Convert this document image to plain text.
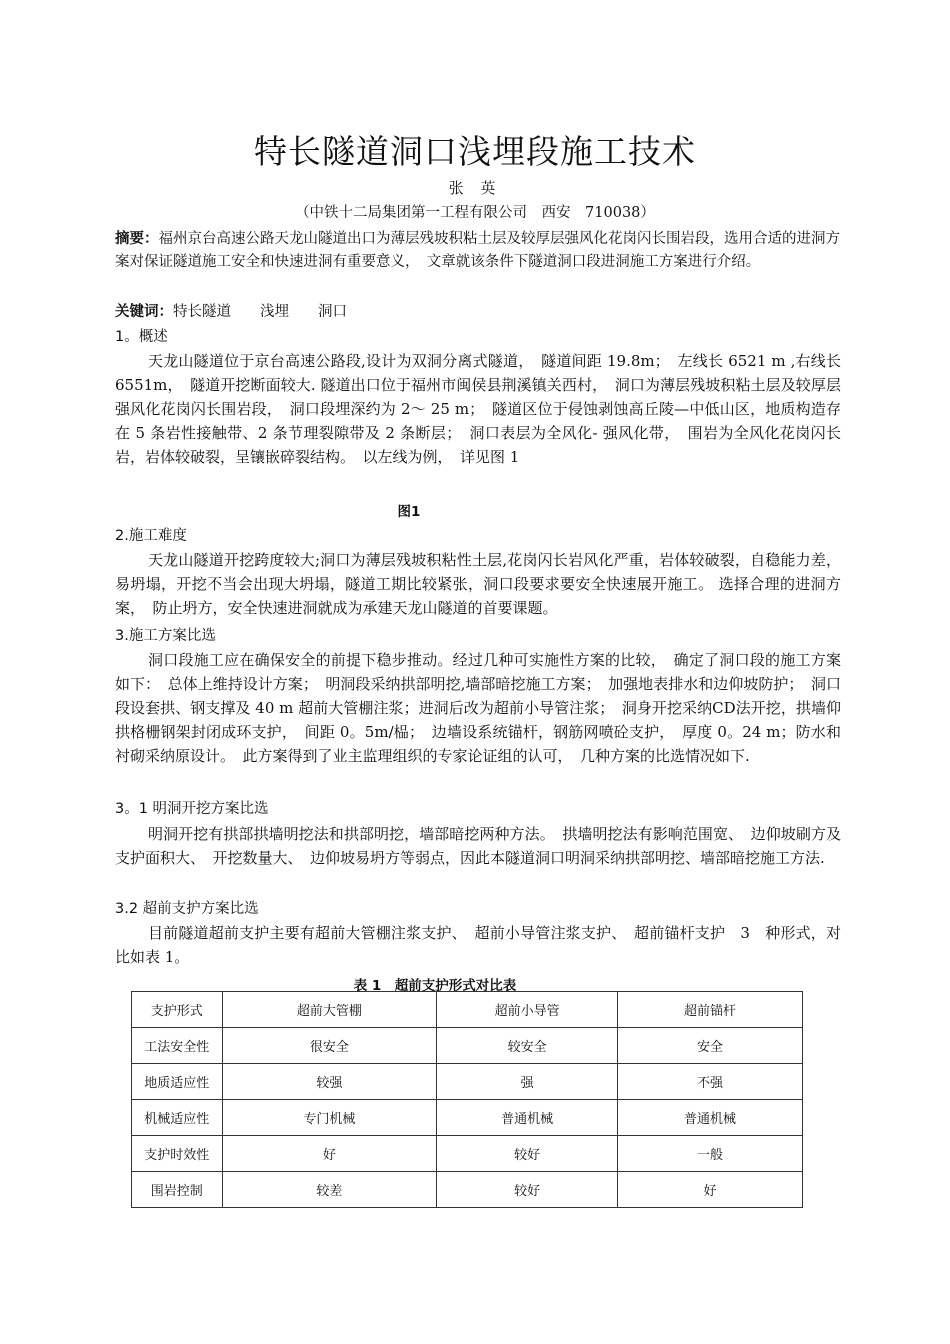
特长隧道洞口浅埋段施工技术
张 英
（中铁十二局集团第一工程有限公司　西安　710038）
摘要：福州京台高速公路天龙山隧道出口为薄层残坡积粘土层及较厚层强风化花岗闪长围岩段，选用合适的进洞方案对保证隧道施工安全和快速进洞有重要意义，　文章就该条件下隧道洞口段进洞施工方案进行介绍。
关键词：特长隧道　　浅埋　　洞口
1。概述
天龙山隧道位于京台高速公路段,设计为双洞分离式隧道，　隧道间距 19.8m；　左线长 6521 m ,右线长 6551m，　隧道开挖断面较大. 隧道出口位于福州市闽侯县荆溪镇关西村，　洞口为薄层残坡积粘土层及较厚层强风化花岗闪长围岩段，　洞口段埋深约为 2～ 25 m；　隧道区位于侵蚀剥蚀高丘陵—中低山区，地质构造存在 5 条岩性接触带、2 条节理裂隙带及 2 条断层；　洞口表层为全风化- 强风化带，　围岩为全风化花岗闪长岩，岩体较破裂，呈镶嵌碎裂结构。　以左线为例，　详见图 1
图1
2.施工难度
天龙山隧道开挖跨度较大;洞口为薄层残坡积粘性土层,花岗闪长岩风化严重，岩体较破裂，自稳能力差，易坍塌，开挖不当会出现大坍塌，隧道工期比较紧张，洞口段要求要安全快速展开施工。 选择合理的进洞方案，　防止坍方，安全快速进洞就成为承建天龙山隧道的首要课题。
3.施工方案比选
洞口段施工应在确保安全的前提下稳步推动。经过几种可实施性方案的比较，　确定了洞口段的施工方案如下：　总体上维持设计方案；　明洞段采纳拱部明挖,墙部暗挖施工方案；　加强地表排水和边仰坡防护；　洞口段设套拱、钢支撑及 40 m 超前大管棚注浆；进洞后改为超前小导管注浆；　洞身开挖采纳CD法开挖，拱墙仰拱格栅钢架封闭成环支护，　间距 0。5m/榀；　边墙设系统锚杆，钢筋网喷砼支护，　厚度 0。24 m；防水和衬砌采纳原设计。　此方案得到了业主监理组织的专家论证组的认可，　几种方案的比选情况如下.
3。1 明洞开挖方案比选
明洞开挖有拱部拱墙明挖法和拱部明挖，墙部暗挖两种方法。　拱墙明挖法有影响范围宽、　边仰坡刷方及支护面积大、　开挖数量大、　边仰坡易坍方等弱点，因此本隧道洞口明洞采纳拱部明挖、墙部暗挖施工方法.
3.2 超前支护方案比选
目前隧道超前支护主要有超前大管棚注浆支护、　超前小导管注浆支护、　超前锚杆支护　3　种形式，对比如表 1。
表 1　超前支护形式对比表
支护形式	超前大管棚	超前小导管	超前锚杆
工法安全性	很安全	较安全	安全
地质适应性	较强	强	不强
机械适应性	专门机械	普通机械	普通机械
支护时效性	好	较好	一般
围岩控制	较差	较好	好
